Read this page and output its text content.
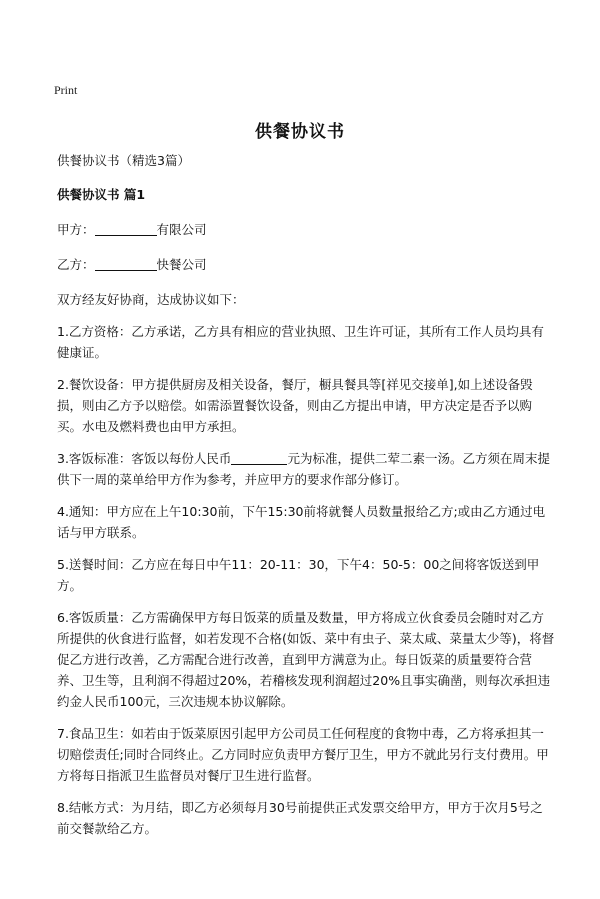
Print
供餐协议书

供餐协议书（精选3篇）

供餐协议书 篇1

甲方：	有限公司

乙方：	快餐公司

双方经友好协商，达成协议如下：

1.乙方资格：乙方承诺，乙方具有相应的营业执照、卫生许可证，其所有工作人员均具有健康证。

2.餐饮设备：甲方提供厨房及相关设备，餐厅，橱具餐具等[祥见交接单],如上述设备毁损，则由乙方予以赔偿。如需添置餐饮设备，则由乙方提出申请，甲方决定是否予以购买。水电及燃料费也由甲方承担。

3.客饭标准：客饭以每份人民币	元为标准，提供二荤二素一汤。乙方须在周末提供下一周的菜单给甲方作为参考，并应甲方的要求作部分修订。

4.通知：甲方应在上午10:30前，下午15:30前将就餐人员数量报给乙方;或由乙方通过电话与甲方联系。

5.送餐时间：乙方应在每日中午11：20-11：30，下午4：50-5：00之间将客饭送到甲方。

6.客饭质量：乙方需确保甲方每日饭菜的质量及数量，甲方将成立伙食委员会随时对乙方所提供的伙食进行监督，如若发现不合格(如饭、菜中有虫子、菜太咸、菜量太少等)，将督促乙方进行改善，乙方需配合进行改善，直到甲方满意为止。每日饭菜的质量要符合营养、卫生等，且利润不得超过20%，若稽核发现利润超过20%且事实确凿，则每次承担违约金人民币100元，三次违规本协议解除。

7.食品卫生：如若由于饭菜原因引起甲方公司员工任何程度的食物中毒，乙方将承担其一切赔偿责任;同时合同终止。乙方同时应负责甲方餐厅卫生，甲方不就此另行支付费用。甲方将每日指派卫生监督员对餐厅卫生进行监督。

8.结帐方式：为月结，即乙方必须每月30号前提供正式发票交给甲方，甲方于次月5号之前交餐款给乙方。
